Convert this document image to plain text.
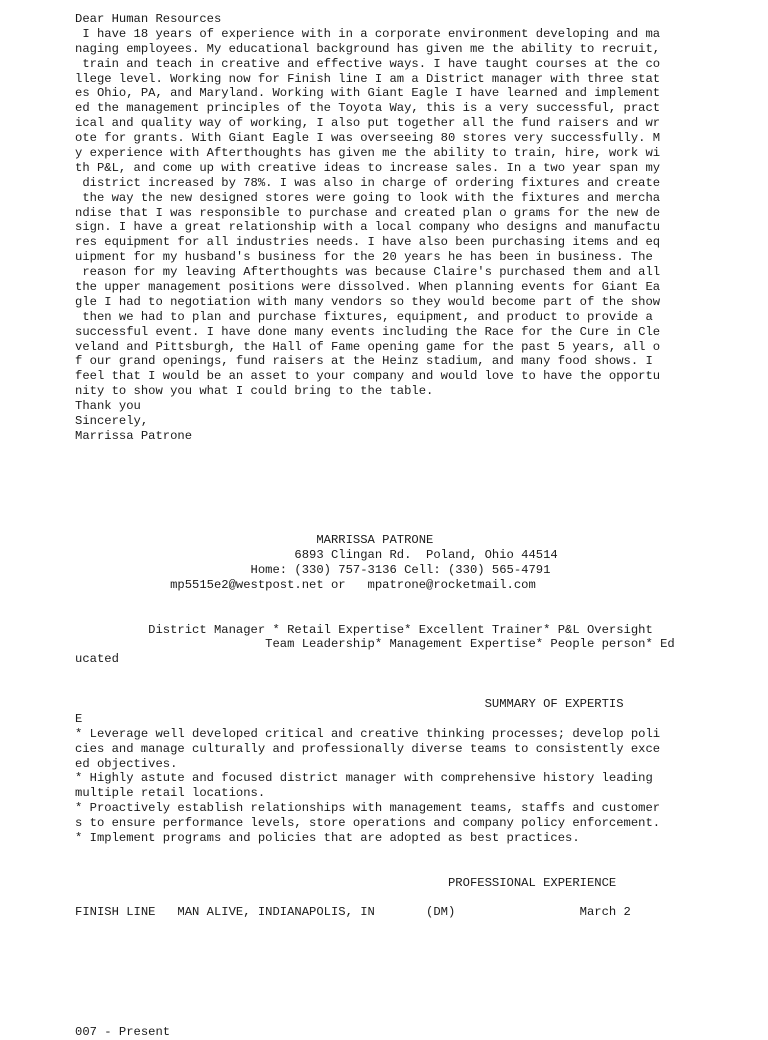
Dear Human Resources
I have 18 years of experience with in a corporate environment developing and ma
naging employees. My educational background has given me the ability to recruit,
train and teach in creative and effective ways. I have taught courses at the co
llege level. Working now for Finish line I am a District manager with three stat
es Ohio, PA, and Maryland. Working with Giant Eagle I have learned and implement
ed the management principles of the Toyota Way, this is a very successful, pract
ical and quality way of working, I also put together all the fund raisers and wr
ote for grants. With Giant Eagle I was overseeing 80 stores very successfully. M
y experience with Afterthoughts has given me the ability to train, hire, work wi
th P&L, and come up with creative ideas to increase sales. In a two year span my
district increased by 78%. I was also in charge of ordering fixtures and create
the way the new designed stores were going to look with the fixtures and mercha
ndise that I was responsible to purchase and created plan o grams for the new de
sign. I have a great relationship with a local company who designs and manufactu
res equipment for all industries needs. I have also been purchasing items and eq
uipment for my husband's business for the 20 years he has been in business. The
reason for my leaving Afterthoughts was because Claire's purchased them and all
the upper management positions were dissolved. When planning events for Giant Ea
gle I had to negotiation with many vendors so they would become part of the show
then we had to plan and purchase fixtures, equipment, and product to provide a
successful event. I have done many events including the Race for the Cure in Cle
veland and Pittsburgh, the Hall of Fame opening game for the past 5 years, all o
f our grand openings, fund raisers at the Heinz stadium, and many food shows. I
feel that I would be an asset to your company and would love to have the opportu
nity to show you what I could bring to the table.
Thank you
Sincerely,
Marrissa Patrone
MARRISSA PATRONE
6893 Clingan Rd.  Poland, Ohio 44514
Home: (330) 757-3136 Cell: (330) 565-4791
mp5515e2@westpost.net or   mpatrone@rocketmail.com
District Manager * Retail Expertise* Excellent Trainer* P&L Oversight
Team Leadership* Management Expertise* People person* Ed
ucated
SUMMARY OF EXPERTIS
E
* Leverage well developed critical and creative thinking processes; develop poli
cies and manage culturally and professionally diverse teams to consistently exce
ed objectives.
* Highly astute and focused district manager with comprehensive history leading
multiple retail locations.
* Proactively establish relationships with management teams, staffs and customer
s to ensure performance levels, store operations and company policy enforcement.
* Implement programs and policies that are adopted as best practices.
PROFESSIONAL EXPERIENCE
FINISH LINE   MAN ALIVE, INDIANAPOLIS, IN       (DM)                 March 2
007 - Present
